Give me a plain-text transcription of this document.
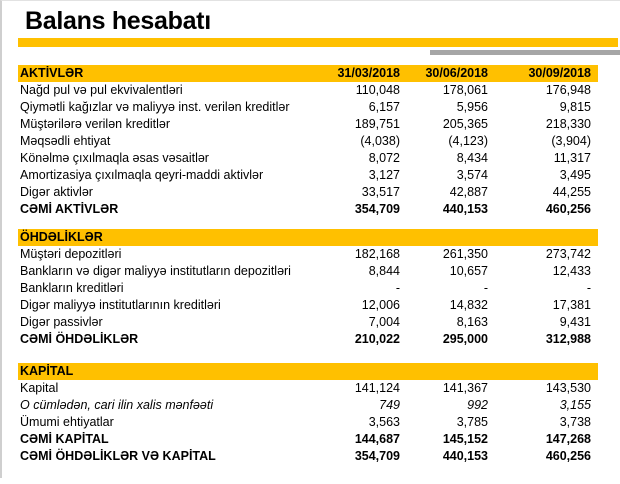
Balans hesabatı
AKTİVLƏR	31/03/2018	30/06/2018	30/09/2018
Nağd pul və pul ekvivalentləri	110,048	178,061	176,948
Qiymətli kağızlar və maliyyə inst. verilən kreditlər	6,157	5,956	9,815
Müştərilərə verilən kreditlər	189,751	205,365	218,330
Məqsədli ehtiyat	(4,038)	(4,123)	(3,904)
Könəlmə çıxılmaqla əsas vəsaitlər	8,072	8,434	11,317
Amortizasiya çıxılmaqla qeyri-maddi aktivlər	3,127	3,574	3,495
Digər aktivlər	33,517	42,887	44,255
CƏMİ AKTİVLƏR	354,709	440,153	460,256
ÖHDƏLİKLƏR
Müştəri depozitləri	182,168	261,350	273,742
Bankların və digər maliyyə institutların depozitləri	8,844	10,657	12,433
Bankların kreditləri	-	-	-
Digər maliyyə institutlarının kreditləri	12,006	14,832	17,381
Digər passivlər	7,004	8,163	9,431
CƏMİ ÖHDƏLİKLƏR	210,022	295,000	312,988
KAPİTAL
Kapital	141,124	141,367	143,530
O cümlədən, cari ilin xalis mənfəəti	749	992	3,155
Ümumi ehtiyatlar	3,563	3,785	3,738
CƏMİ KAPİTAL	144,687	145,152	147,268
CƏMİ ÖHDƏLİKLƏR VƏ KAPİTAL	354,709	440,153	460,256
